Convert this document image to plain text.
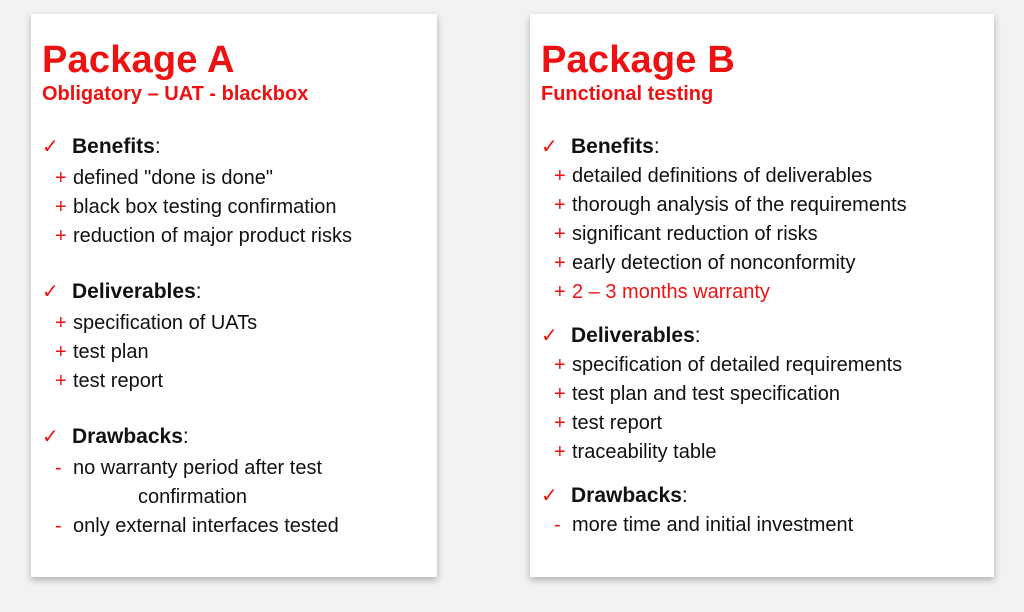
Package A
Obligatory – UAT - blackbox
✓ Benefits :
+ defined "done is done"
+ black box testing confirmation
+ reduction of major product risks
✓ Deliverables :
+ specification of UATs
+ test plan
+ test report
✓ Drawbacks :
- no warranty period after test
confirmation
- only external interfaces tested
Package B
Functional testing
✓ Benefits :
+ detailed definitions of deliverables
+ thorough analysis of the requirements
+ significant reduction of risks
+ early detection of nonconformity
+ 2 – 3 months warranty
✓ Deliverables :
+ specification of detailed requirements
+ test plan and test specification
+ test report
+ traceability table
✓ Drawbacks :
- more time and initial investment
